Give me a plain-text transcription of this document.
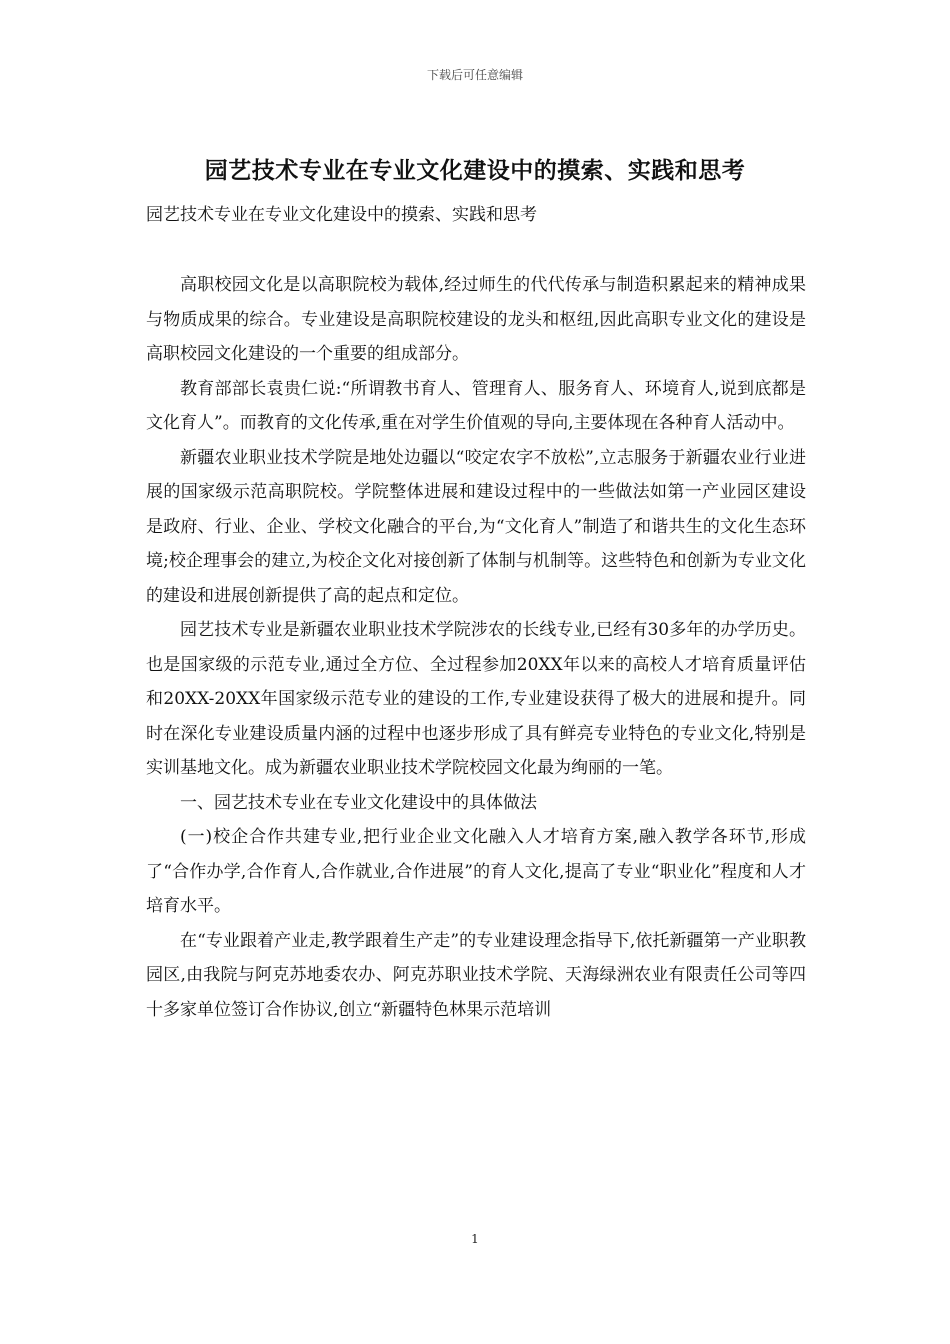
下载后可任意编辑
园艺技术专业在专业文化建设中的摸索、实践和思考
园艺技术专业在专业文化建设中的摸索、实践和思考

高职校园文化是以高职院校为载体,经过师生的代代传承与制造积累起来的精神成果与物质成果的综合。专业建设是高职院校建设的龙头和枢纽,因此高职专业文化的建设是高职校园文化建设的一个重要的组成部分。

教育部部长袁贵仁说:“所谓教书育人、管理育人、服务育人、环境育人,说到底都是文化育人”。而教育的文化传承,重在对学生价值观的导向,主要体现在各种育人活动中。

新疆农业职业技术学院是地处边疆以“咬定农字不放松”,立志服务于新疆农业行业进展的国家级示范高职院校。学院整体进展和建设过程中的一些做法如第一产业园区建设是政府、行业、企业、学校文化融合的平台,为“文化育人”制造了和谐共生的文化生态环境;校企理事会的建立,为校企文化对接创新了体制与机制等。这些特色和创新为专业文化的建设和进展创新提供了高的起点和定位。

园艺技术专业是新疆农业职业技术学院涉农的长线专业,已经有30多年的办学历史。也是国家级的示范专业,通过全方位、全过程参加20XX年以来的高校人才培育质量评估和20XX-20XX年国家级示范专业的建设的工作,专业建设获得了极大的进展和提升。同时在深化专业建设质量内涵的过程中也逐步形成了具有鲜亮专业特色的专业文化,特别是实训基地文化。成为新疆农业职业技术学院校园文化最为绚丽的一笔。

一、园艺技术专业在专业文化建设中的具体做法

(一)校企合作共建专业,把行业企业文化融入人才培育方案,融入教学各环节,形成了“合作办学,合作育人,合作就业,合作进展”的育人文化,提高了专业“职业化”程度和人才培育水平。

在“专业跟着产业走,教学跟着生产走”的专业建设理念指导下,依托新疆第一产业职教园区,由我院与阿克苏地委农办、阿克苏职业技术学院、天海绿洲农业有限责任公司等四十多家单位签订合作协议,创立“新疆特色林果示范培训

1
